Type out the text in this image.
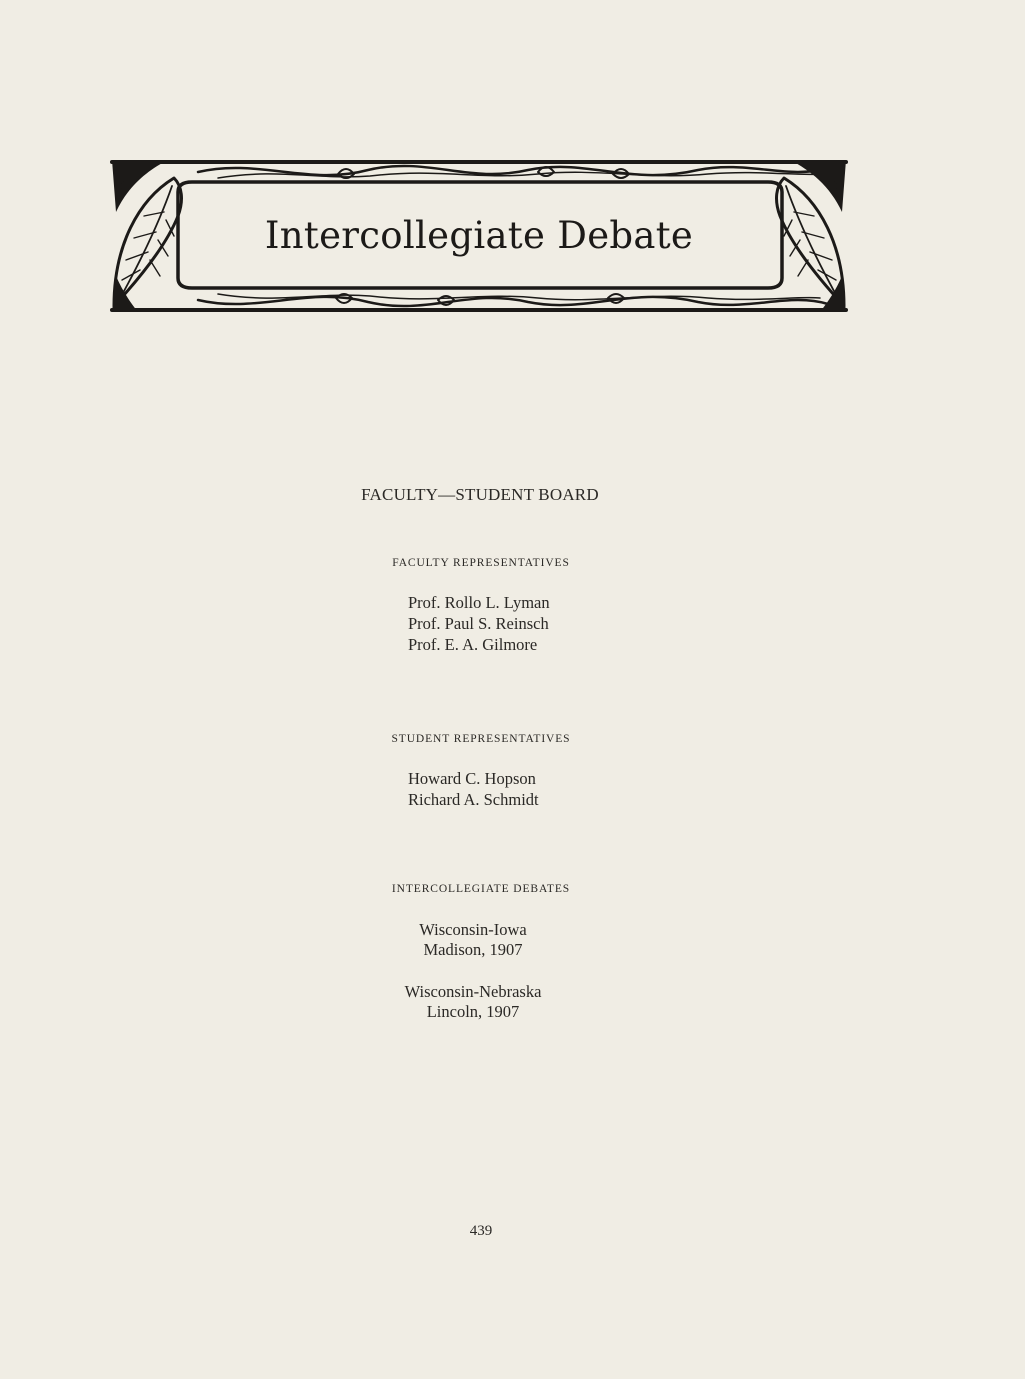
Intercollegiate Debate
FACULTY—STUDENT BOARD
FACULTY REPRESENTATIVES
Prof. Rollo L. Lyman
Prof. Paul S. Reinsch
Prof. E. A. Gilmore
STUDENT REPRESENTATIVES
Howard C. Hopson
Richard A. Schmidt
INTERCOLLEGIATE DEBATES
Wisconsin-Iowa
Madison, 1907
Wisconsin-Nebraska
Lincoln, 1907
439
